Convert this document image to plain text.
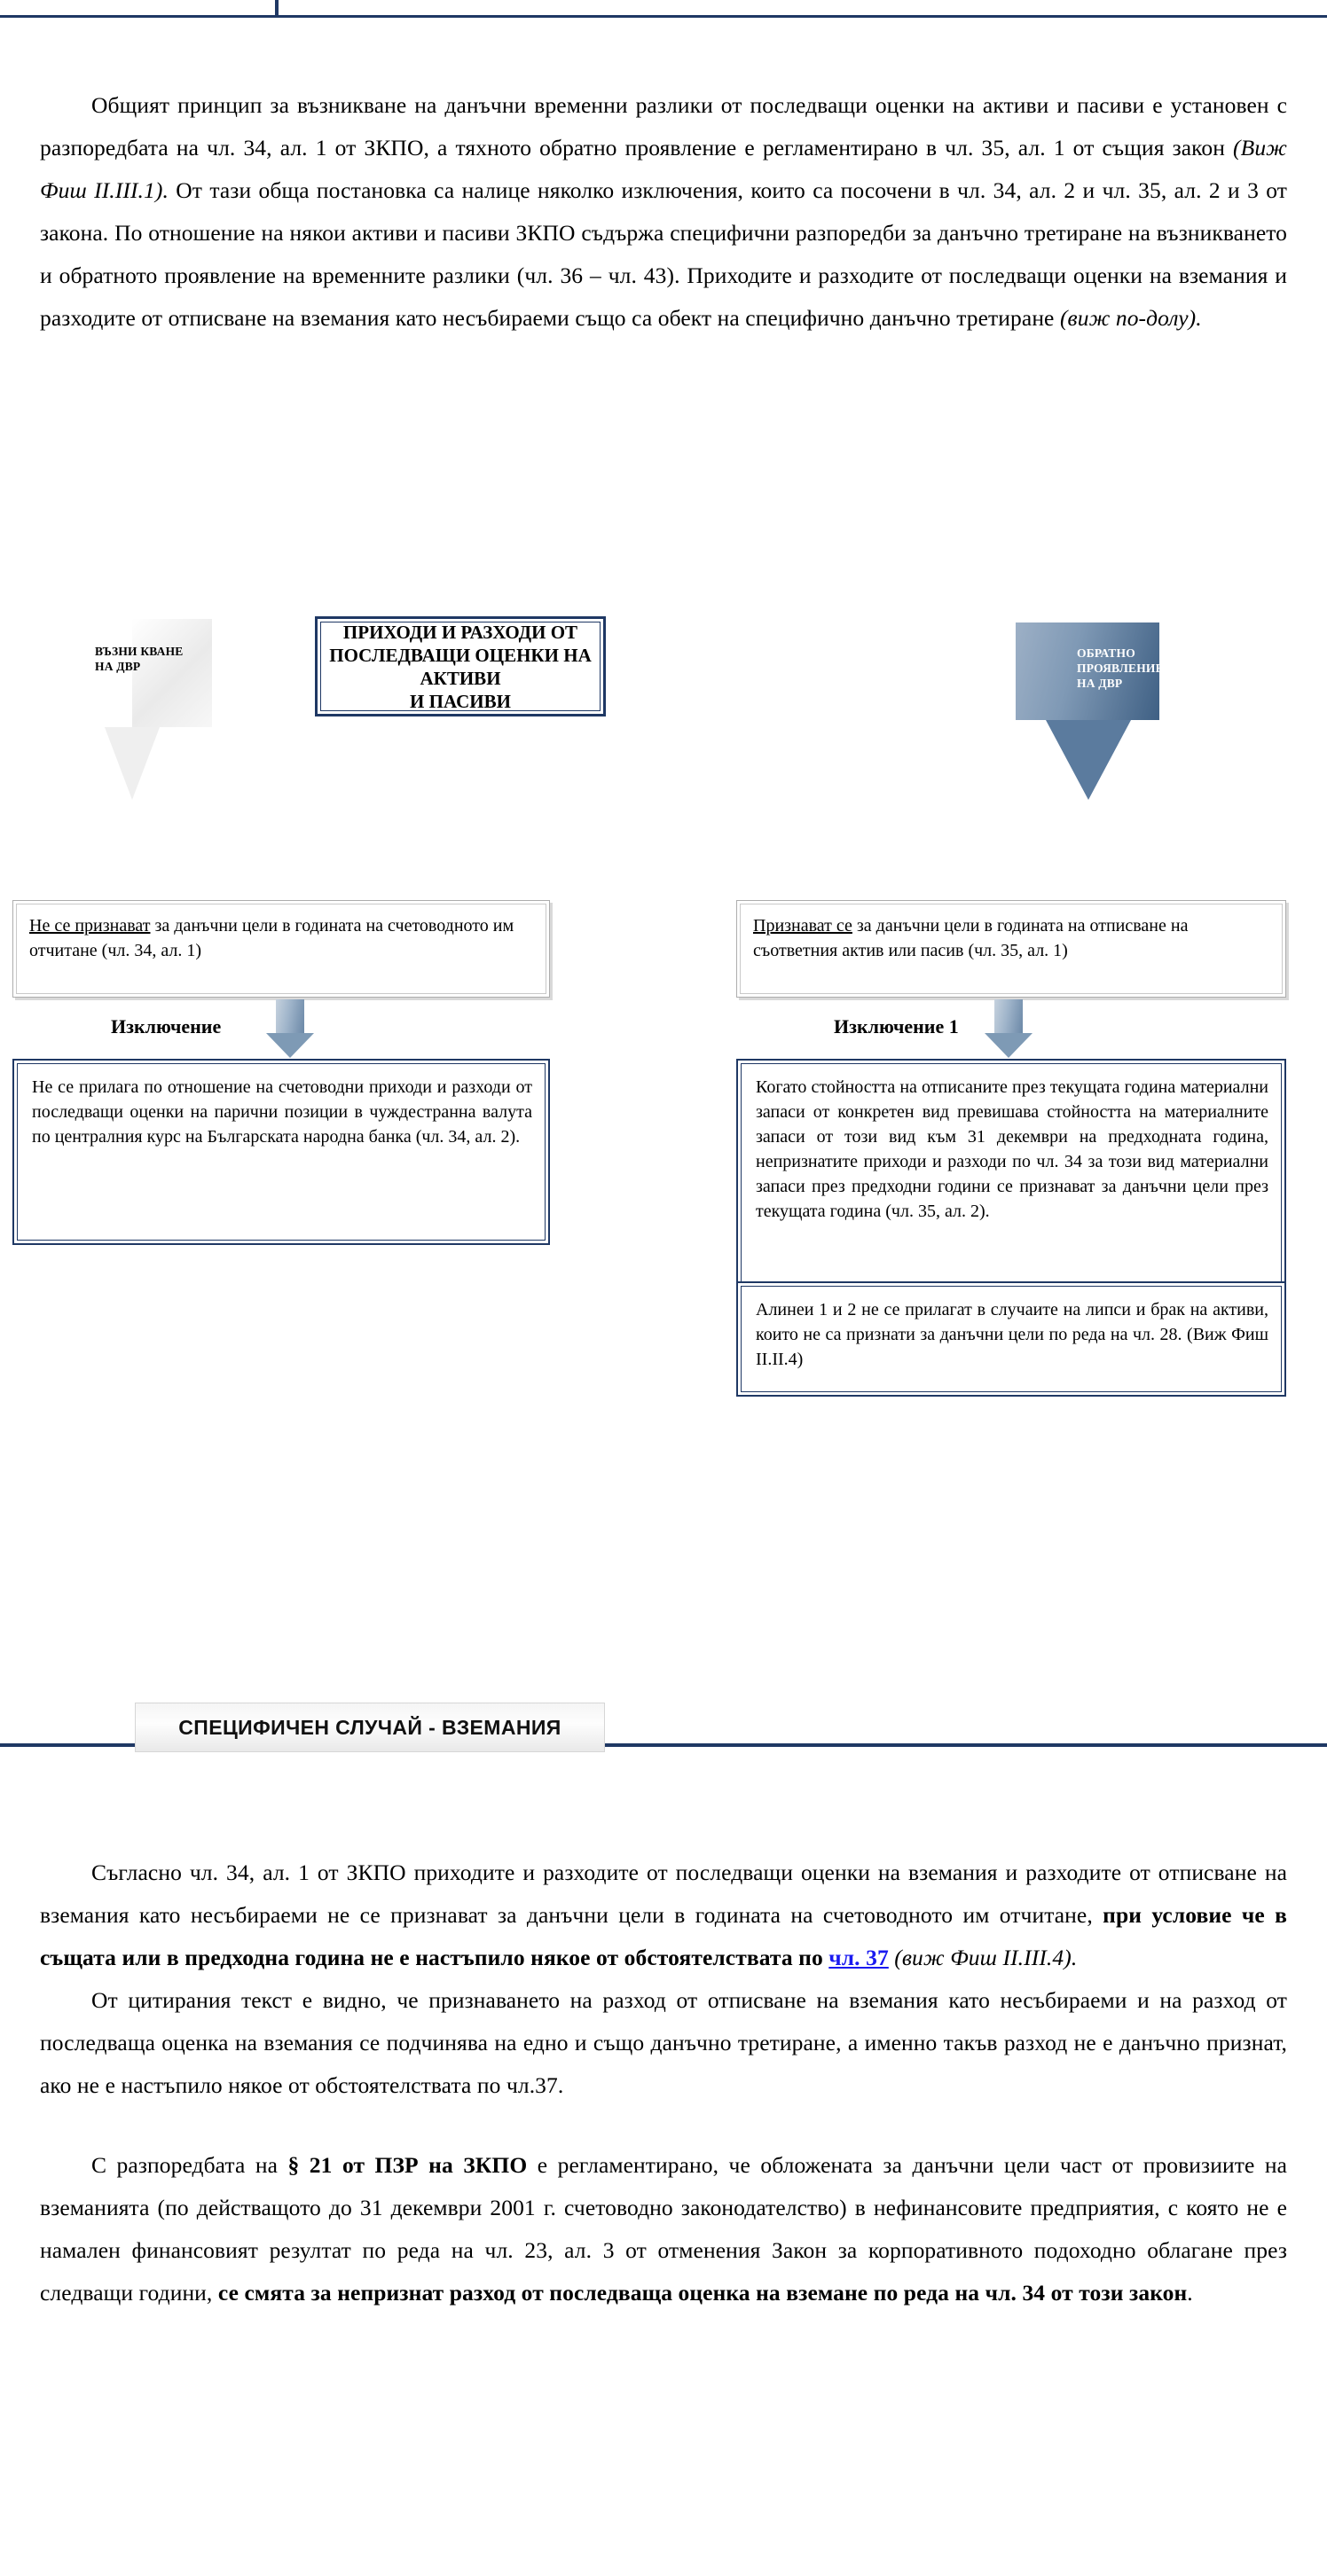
Общият принцип за възникване на данъчни временни разлики от последващи оценки на активи и пасиви е установен с разпоредбата на чл. 34, ал. 1 от ЗКПО, а тяхното обратно проявление е регламентирано в чл. 35, ал. 1 от същия закон (Виж Фиш II.III.1). От тази обща постановка са налице няколко изключения, които са посочени в чл. 34, ал. 2 и чл. 35, ал. 2 и 3 от закона. По отношение на някои активи и пасиви ЗКПО съдържа специфични разпоредби за данъчно третиране на възникването и обратното проявление на временните разлики (чл. 36 – чл. 43). Приходите и разходите от последващи оценки на вземания и разходите от отписване на вземания като несъбираеми също са обект на специфично данъчно третиране (виж по-долу).

ПРИХОДИ И РАЗХОДИ ОТ
ПОСЛЕДВАЩИ ОЦЕНКИ НА АКТИВИ
И ПАСИВИ
ВЪЗНИ КВАНЕ НА ДВР
ОБРАТНО ПРОЯВЛЕНИЕ НА ДВР
Не се признават за данъчни цели в годината на счетоводното им отчитане (чл. 34, ал. 1)
Признават се за данъчни цели в годината на отписване на съответния актив или пасив (чл. 35, ал. 1)
Изключение	Изключение 1
Не се прилага по отношение на счетоводни приходи и разходи от последващи оценки на парични позиции в чуждестранна валута по централния курс на Българската народна банка (чл. 34, ал. 2).
Когато стойността на отписаните през текущата година материални запаси от конкретен вид превишава стойността на материалните запаси от този вид към 31 декември на предходната година, непризнатите приходи и разходи по чл. 34 за този вид материални запаси през предходни години се признават за данъчни цели през текущата година (чл. 35, ал. 2).
Алинеи 1 и 2 не се прилагат в случаите на липси и брак на активи, които не са признати за данъчни цели по реда на чл. 28. (Виж Фиш II.II.4)
СПЕЦИФИЧЕН СЛУЧАЙ - ВЗЕМАНИЯ

Съгласно чл. 34, ал. 1 от ЗКПО приходите и разходите от последващи оценки на вземания и разходите от отписване на вземания като несъбираеми не се признават за данъчни цели в годината на счетоводното им отчитане, при условие че в същата или в предходна година не е настъпило някое от обстоятелствата по чл. 37 (виж Фиш II.III.4).

От цитирания текст е видно, че признаването на разход от отписване на вземания като несъбираеми и на разход от последваща оценка на вземания се подчинява на едно и също данъчно третиране, а именно такъв разход не е данъчно признат, ако не е настъпило някое от обстоятелствата по чл.37.

С разпоредбата на § 21 от ПЗР на ЗКПО е регламентирано, че обложената за данъчни цели част от провизиите на вземанията (по действащото до 31 декември 2001 г. счетоводно законодателство) в нефинансовите предприятия, с която не е намален финансовият резултат по реда на чл. 23, ал. 3 от отменения Закон за корпоративното подоходно облагане през следващи години, се смята за непризнат разход от последваща оценка на вземане по реда на чл. 34 от този закон.
